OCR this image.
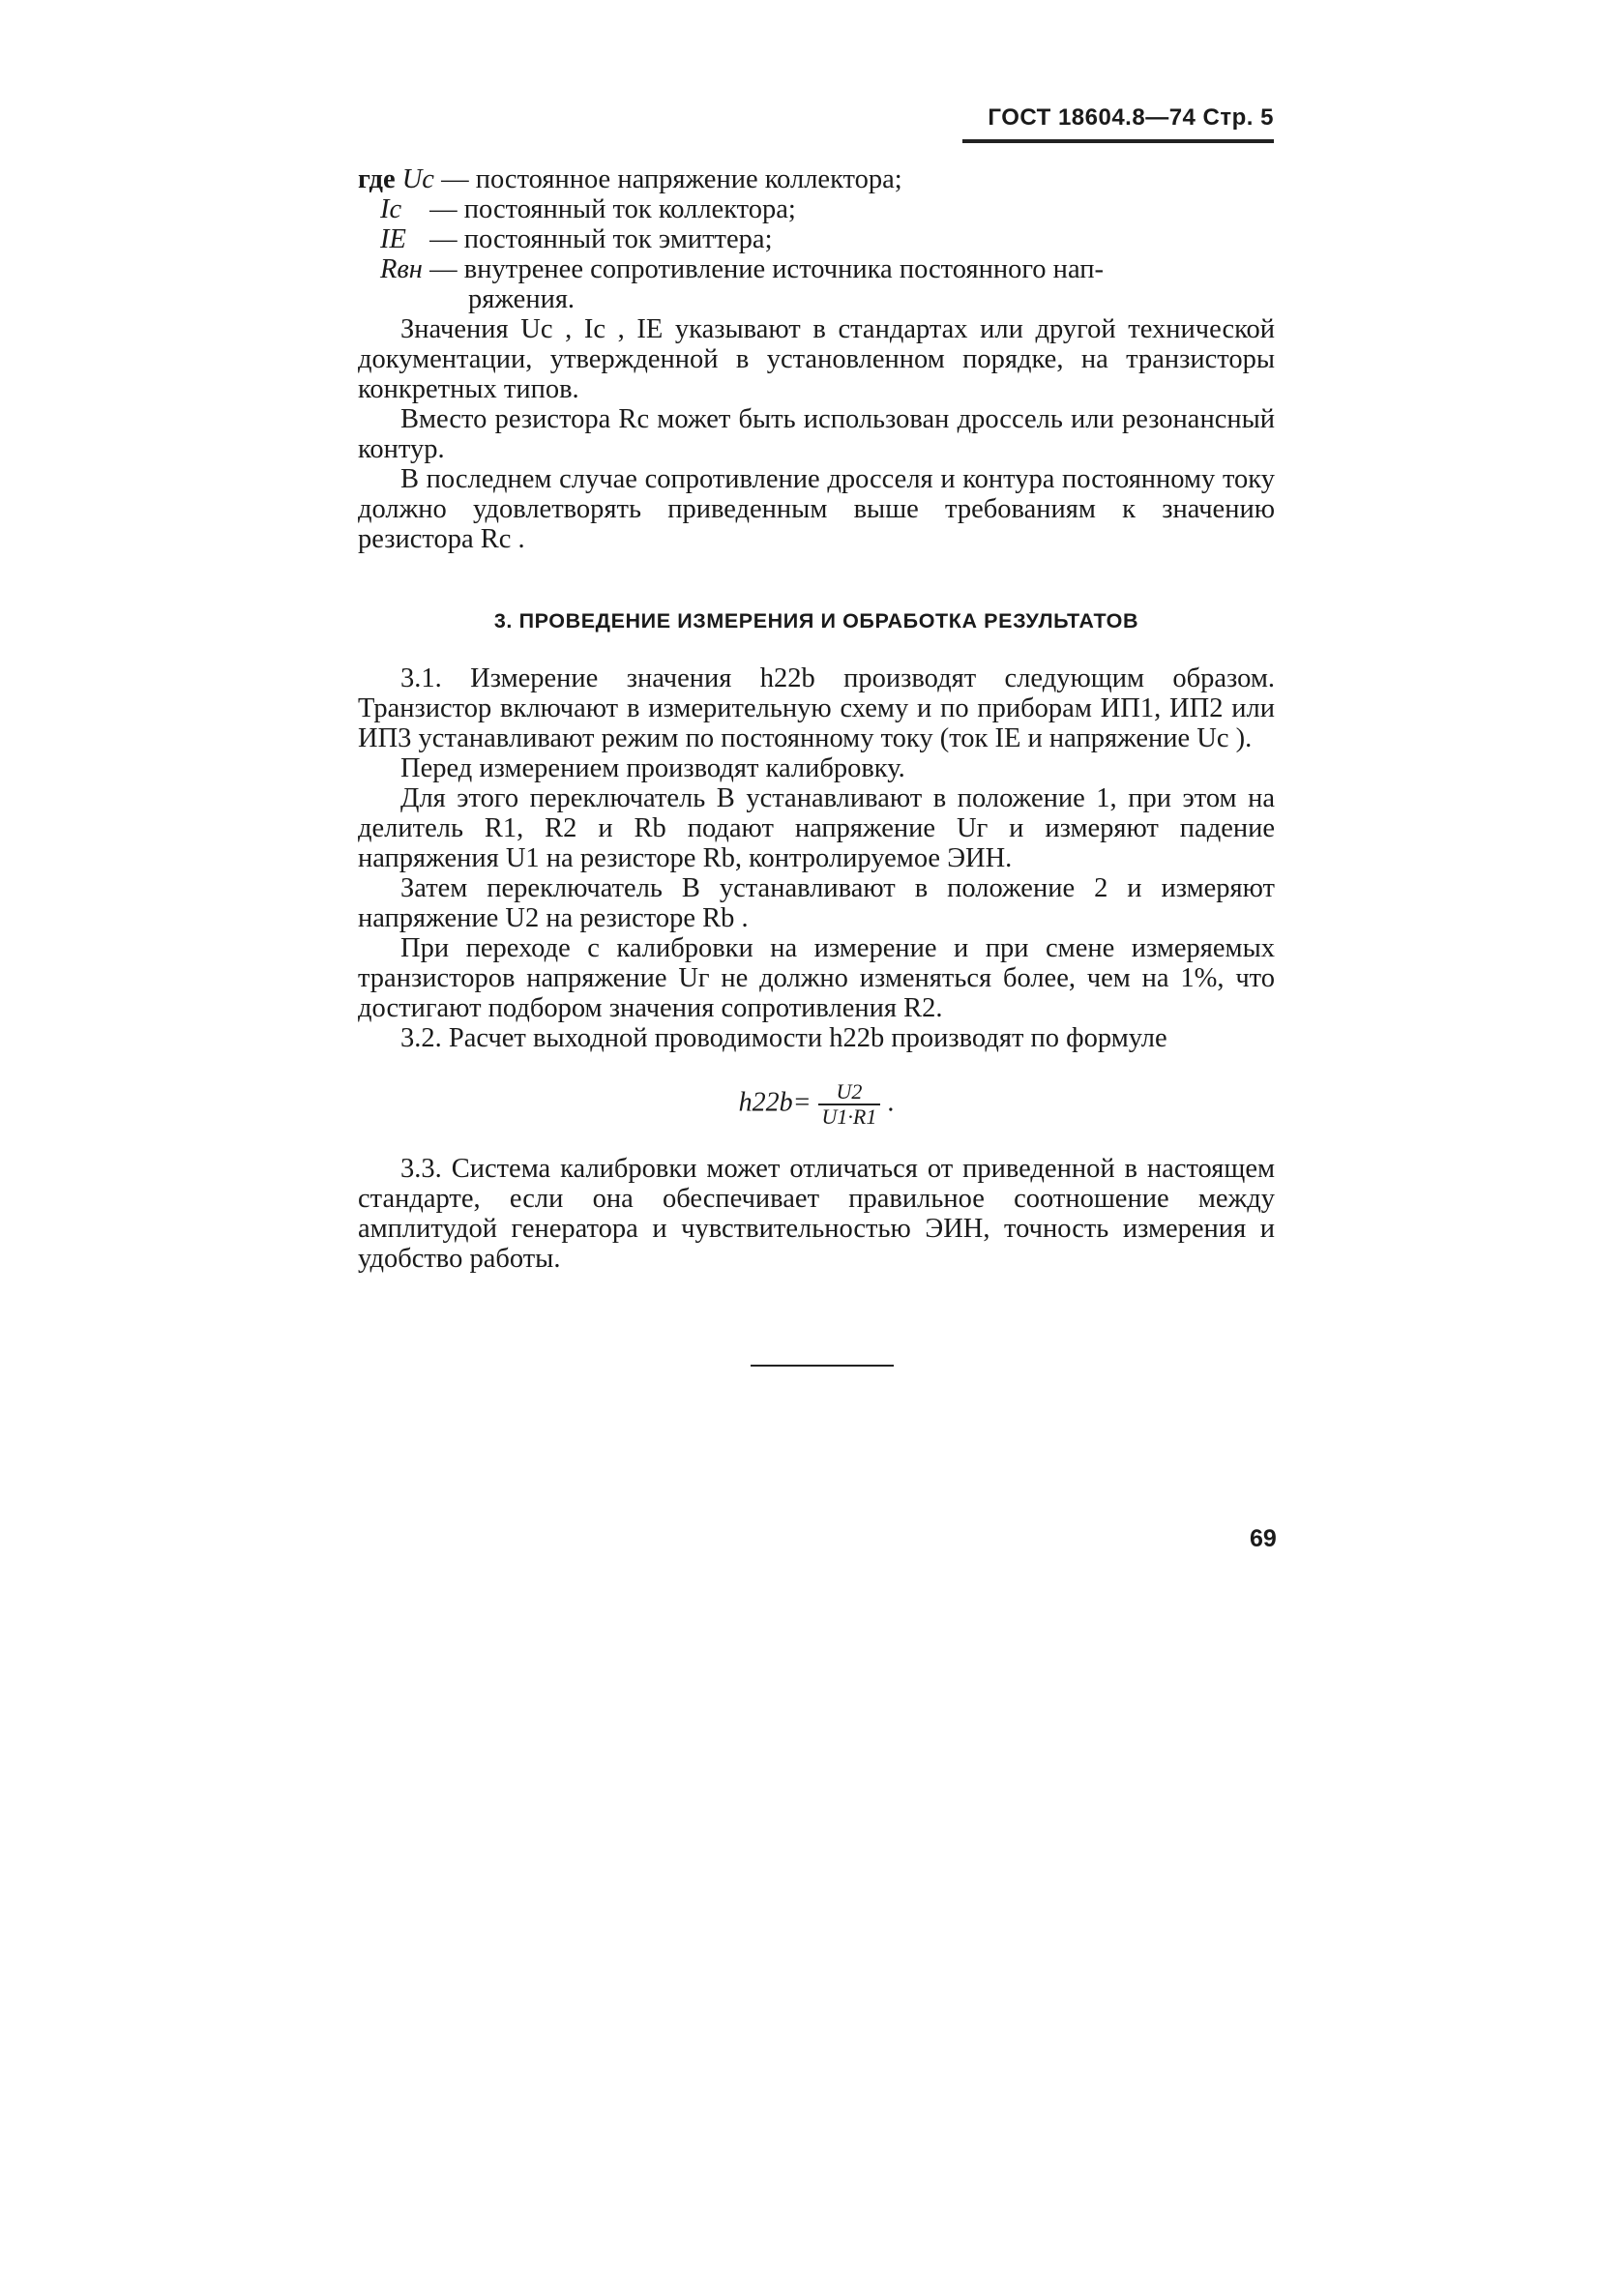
ГОСТ 18604.8—74 Стр. 5

где Uc — постоянное напряжение коллектора;

Ic — постоянный ток коллектора;

IE — постоянный ток эмиттера;

Rвн — внутренее сопротивление источника постоянного нап-

ряжения.

Значения Uc , Ic , IE указывают в стандартах или другой технической документации, утвержденной в установленном порядке, на транзисторы конкретных типов.

Вместо резистора Rc может быть использован дроссель или резонансный контур.

В последнем случае сопротивление дросселя и контура постоянному току должно удовлетворять приведенным выше требованиям к значению резистора Rc .

3. ПРОВЕДЕНИЕ ИЗМЕРЕНИЯ И ОБРАБОТКА РЕЗУЛЬТАТОВ

3.1. Измерение значения h22b производят следующим образом. Транзистор включают в измерительную схему и по приборам ИП1, ИП2 или ИП3 устанавливают режим по постоянному току (ток IE и напряжение Uc ).

Перед измерением производят калибровку.

Для этого переключатель B устанавливают в положение 1, при этом на делитель R1, R2 и Rb подают напряжение Uг и измеряют падение напряжения U1 на резисторе Rb, контролируемое ЭИН.

Затем переключатель B устанавливают в положение 2 и измеряют напряжение U2 на резисторе Rb .

При переходе с калибровки на измерение и при смене измеряемых транзисторов напряжение Uг не должно изменяться более, чем на 1%, что достигают подбором значения сопротивления R2.

3.2. Расчет выходной проводимости h22b производят по формуле

$h22b= \frac{U2}{U1\cdot R1}$ .

3.3. Система калибровки может отличаться от приведенной в настоящем стандарте, если она обеспечивает правильное соотношение между амплитудой генератора и чувствительностью ЭИН, точность измерения и удобство работы.

69
